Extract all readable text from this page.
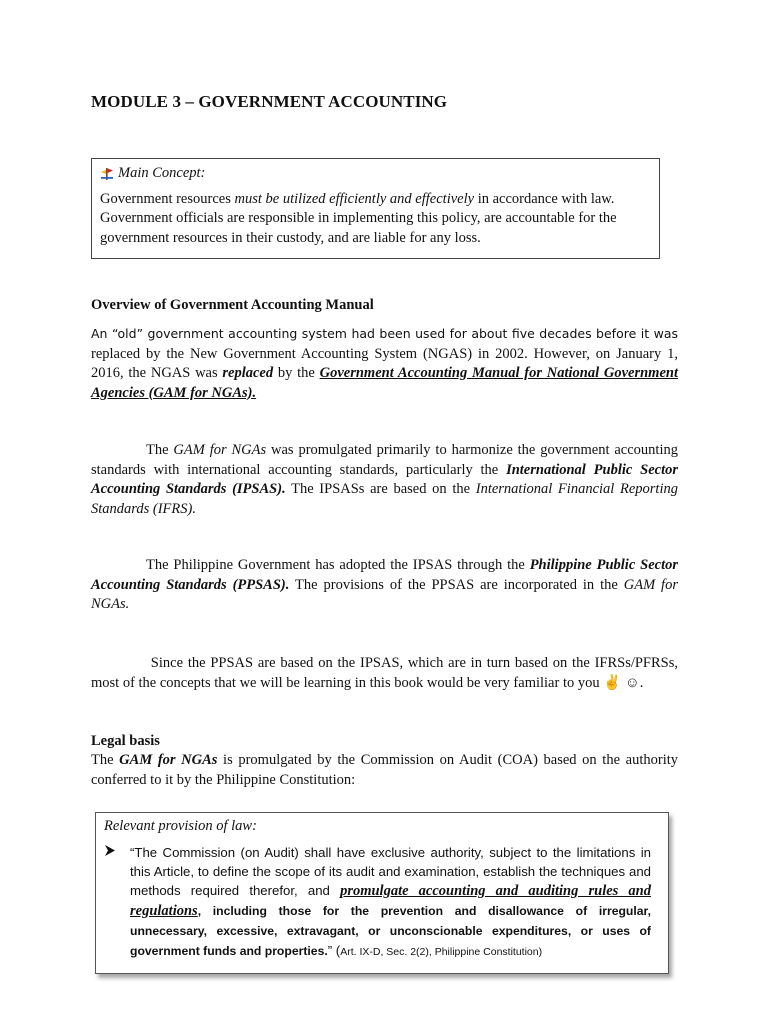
MODULE 3 – GOVERNMENT ACCOUNTING
Main Concept:
Government resources must be utilized efficiently and effectively in accordance with law. Government officials are responsible in implementing this policy, are accountable for the government resources in their custody, and are liable for any loss.
Overview of Government Accounting Manual
An “old” government accounting system had been used for about five decades before it was replaced by the New Government Accounting System (NGAS) in 2002. However, on January 1, 2016, the NGAS was replaced by the Government Accounting Manual for National Government Agencies (GAM for NGAs).
The GAM for NGAs was promulgated primarily to harmonize the government accounting standards with international accounting standards, particularly the International Public Sector Accounting Standards (IPSAS). The IPSASs are based on the International Financial Reporting Standards (IFRS).
The Philippine Government has adopted the IPSAS through the Philippine Public Sector Accounting Standards (PPSAS). The provisions of the PPSAS are incorporated in the GAM for NGAs.
Since the PPSAS are based on the IPSAS, which are in turn based on the IFRSs/PFRSs, most of the concepts that we will be learning in this book would be very familiar to you ✌ ☺.
Legal basis
The GAM for NGAs is promulgated by the Commission on Audit (COA) based on the authority conferred to it by the Philippine Constitution:
Relevant provision of law:
“The Commission (on Audit) shall have exclusive authority, subject to the limitations in this Article, to define the scope of its audit and examination, establish the techniques and methods required therefor, and promulgate accounting and auditing rules and regulations, including those for the prevention and disallowance of irregular, unnecessary, excessive, extravagant, or unconscionable expenditures, or uses of government funds and properties.” (Art. IX-D, Sec. 2(2), Philippine Constitution)
